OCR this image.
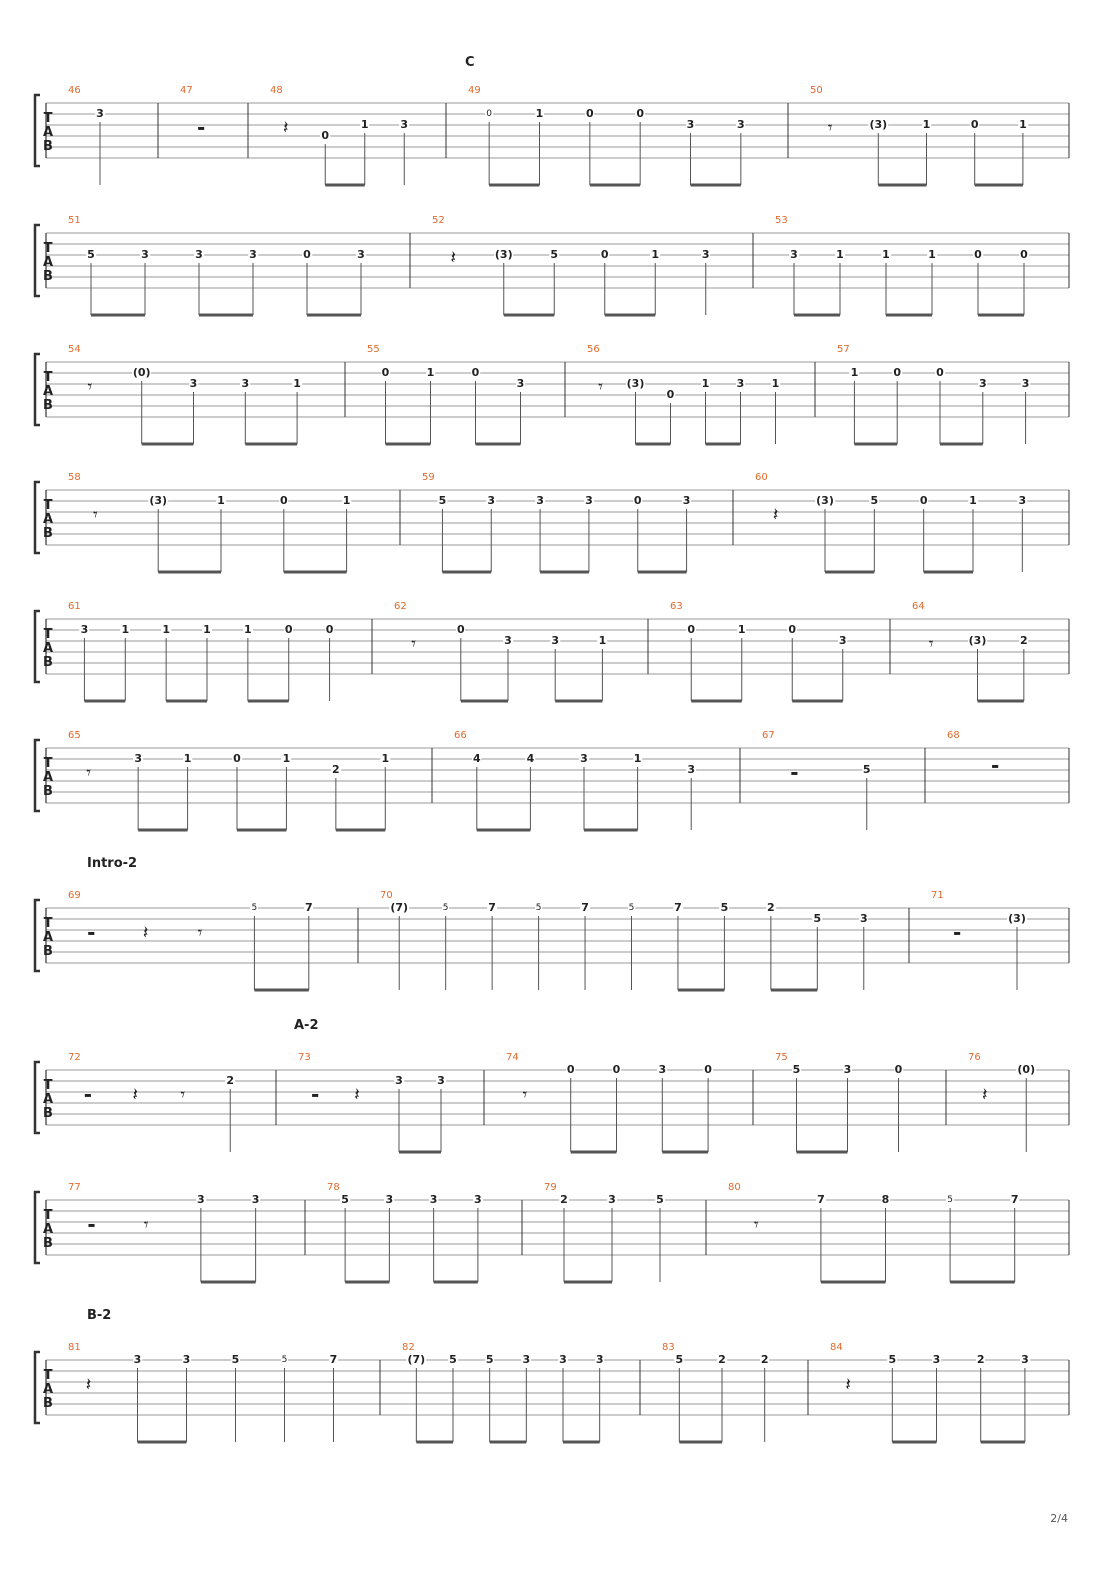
C
Intro-2
A-2
B-2
T
A
B
46
3
47
▬
48
𝄽	0
1	3
49
0	1	0	0
3	3
50
𝄾	(3)	1	0	1
T
A
B
51
5	3	3	3	0	3
52
𝄽	(3)	5	0	1	3
53
3	1	1	1	0	0
T
A
B
54
𝄾
(0)
3	3	1
55
0	1	0
3
56
𝄾 (3)
0
1 3 1
57
1	0	0
3	3
T
A
B
58
𝄾
(3)	1	0	1
59
5	3	3	3	0	3
60
𝄽
(3)	5	0	1	3
T
A
B
61
3	1	1	1	1	0	0
62
𝄾
0
3	3	1
63
0	1	0
3
64
𝄾	(3)	2
T
A
B
65
𝄾
3	1	0	1
2
1
66
4	4	3	1
3
67
▬	5
68
▬
T
A
B
69
▬	𝄽	𝄾
5	7
70
(7)	5	7	5	7	5	7	5	2
5	3
71
▬
(3)
T
A
B
72
▬ 𝄽 𝄾
2
73
▬ 𝄽
3	3
74
𝄾
0	0	3	0
75
5	3	0
76
𝄽
(0)
T
A
B
77
▬	𝄾
3	3
78
5	3	3	3
79
2	3	5
80
𝄾
7	8	5	7
T
A
B
81
𝄽
3	3	5	5	7
82
(7) 5	5	3	3	3
83
5	2	2
84
𝄽
5	3	2	3
2/4
